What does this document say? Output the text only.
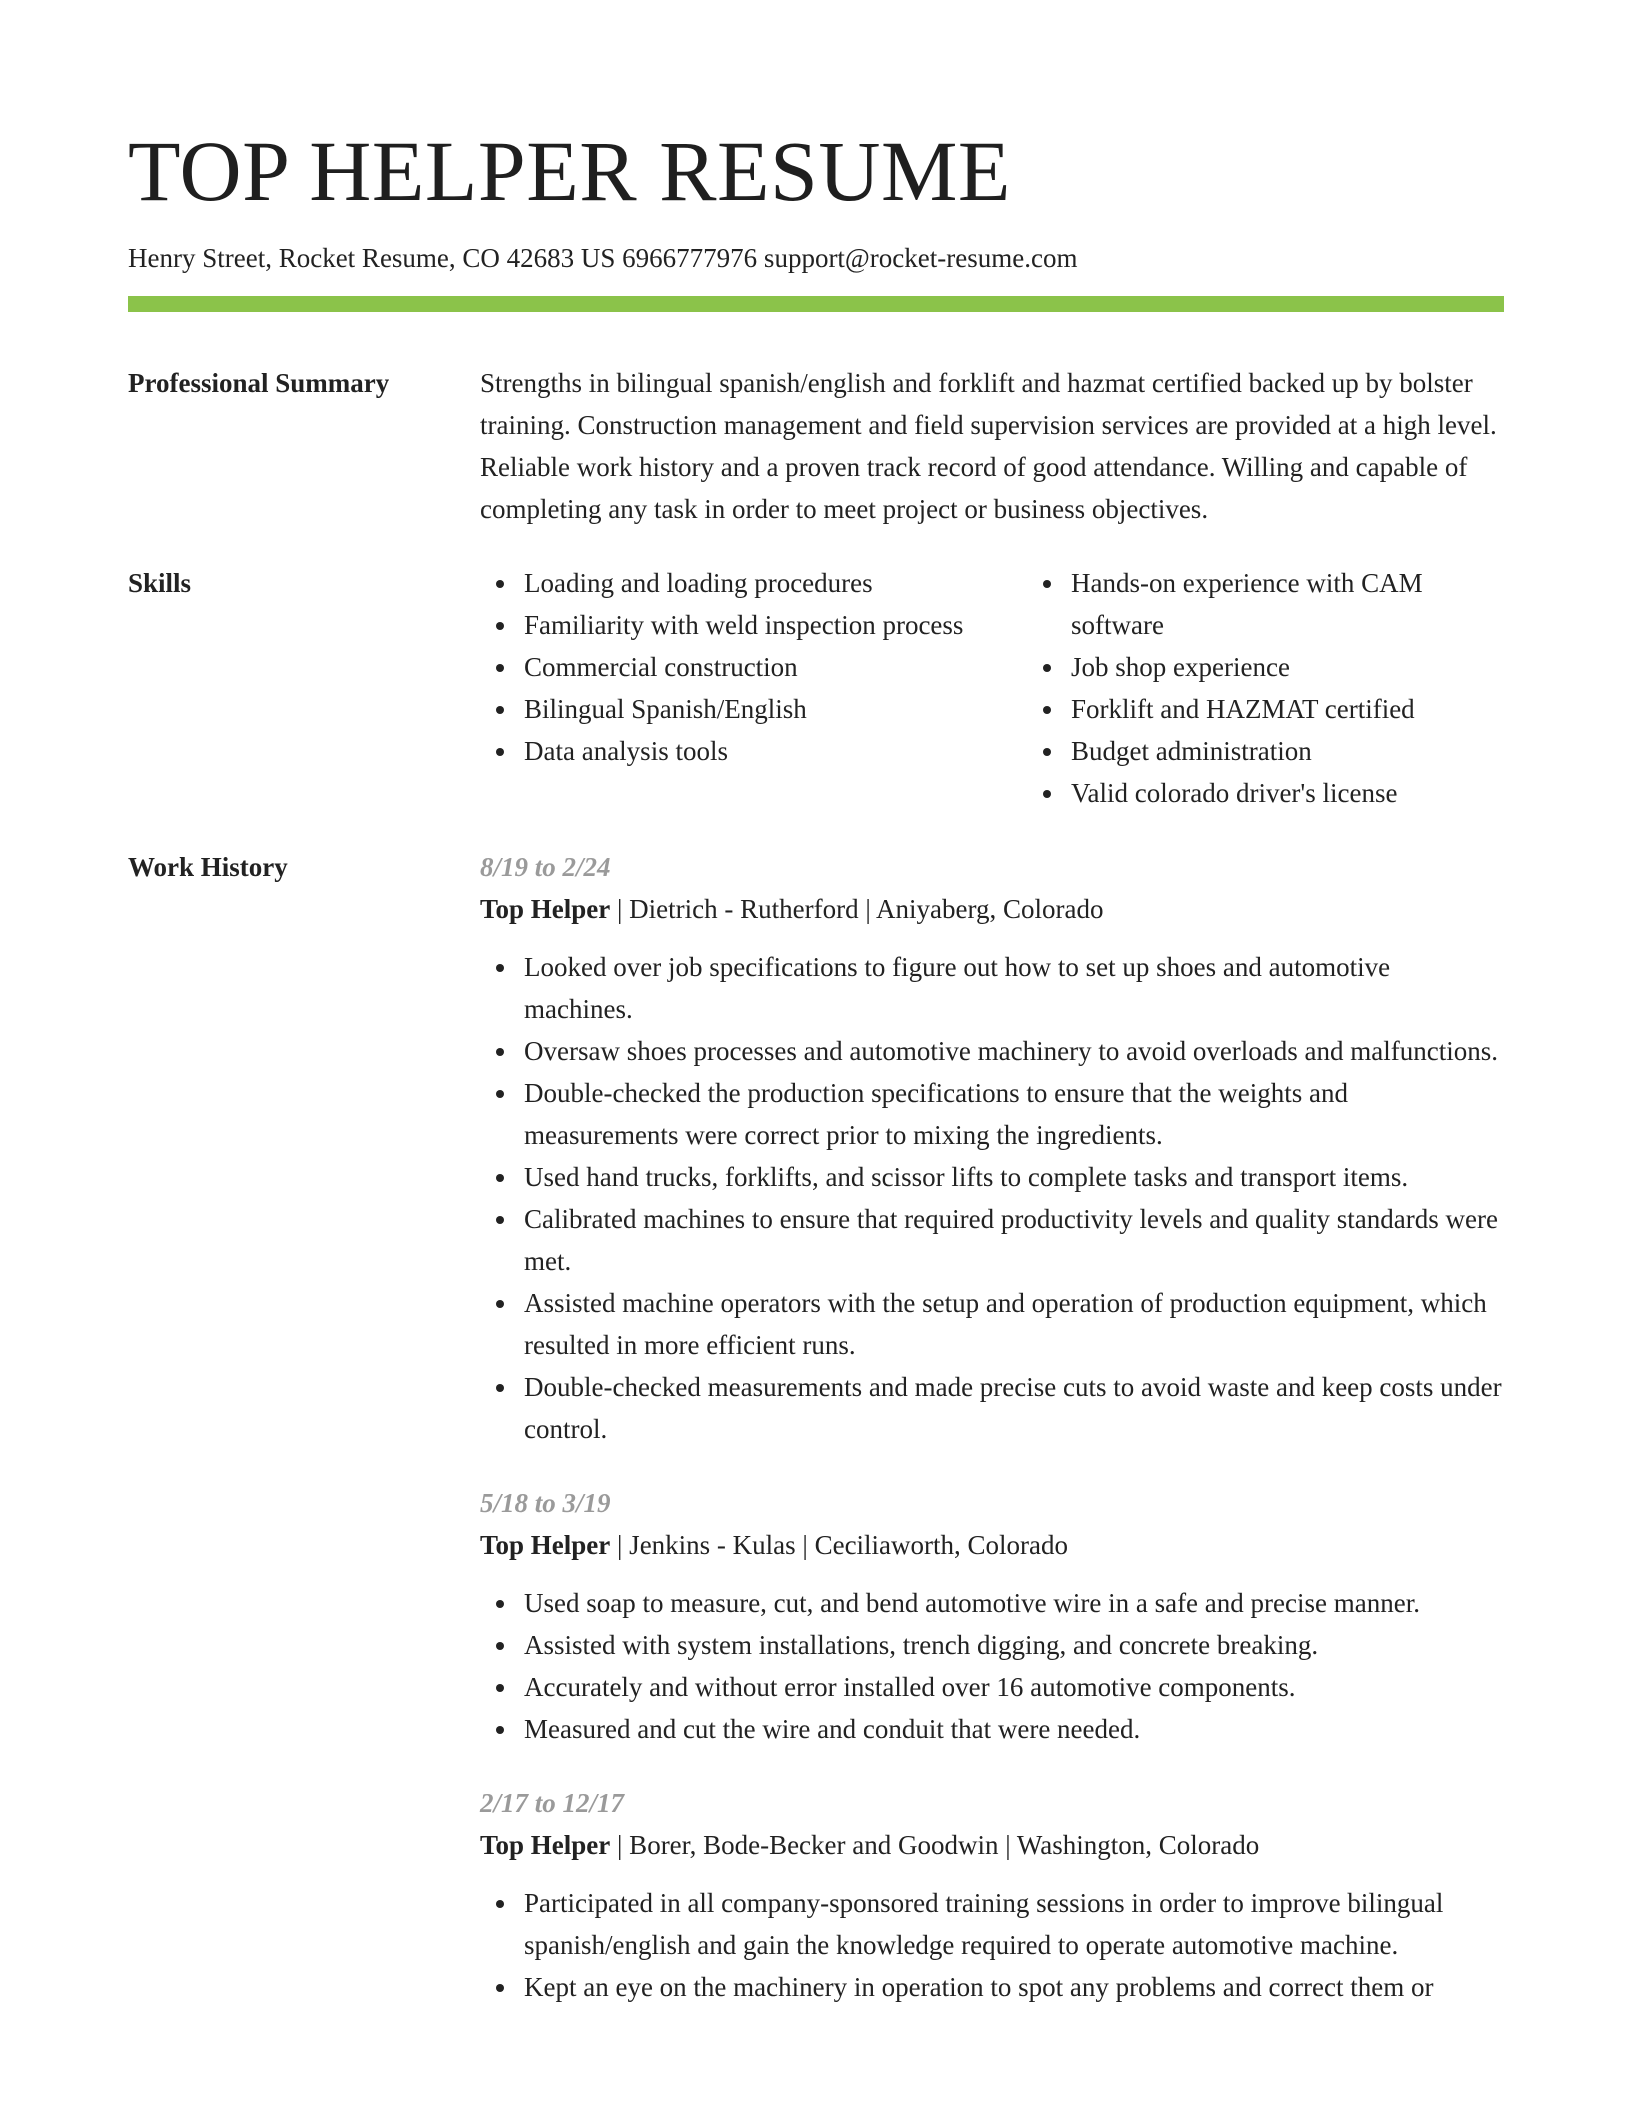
TOP HELPER RESUME
Henry Street, Rocket Resume, CO 42683 US 6966777976 support@rocket-resume.com
Professional Summary	Strengths in bilingual spanish/english and forklift and hazmat certified backed up by bolster training. Construction management and field supervision services are provided at a high level. Reliable work history and a proven track record of good attendance. Willing and capable of completing any task in order to meet project or business objectives.
Skills	Loading and loading procedures
Familiarity with weld inspection process
Commercial construction
Bilingual Spanish/English
Data analysis tools
Hands-on experience with CAM software
Job shop experience
Forklift and HAZMAT certified
Budget administration
Valid colorado driver's license
Work History	8/19 to 2/24
Top Helper | Dietrich - Rutherford | Aniyaberg, Colorado
Looked over job specifications to figure out how to set up shoes and automotive machines.
Oversaw shoes processes and automotive machinery to avoid overloads and malfunctions.
Double-checked the production specifications to ensure that the weights and measurements were correct prior to mixing the ingredients.
Used hand trucks, forklifts, and scissor lifts to complete tasks and transport items.
Calibrated machines to ensure that required productivity levels and quality standards were met.
Assisted machine operators with the setup and operation of production equipment, which resulted in more efficient runs.
Double-checked measurements and made precise cuts to avoid waste and keep costs under control.
5/18 to 3/19
Top Helper | Jenkins - Kulas | Ceciliaworth, Colorado
Used soap to measure, cut, and bend automotive wire in a safe and precise manner.
Assisted with system installations, trench digging, and concrete breaking.
Accurately and without error installed over 16 automotive components.
Measured and cut the wire and conduit that were needed.
2/17 to 12/17
Top Helper | Borer, Bode-Becker and Goodwin | Washington, Colorado
Participated in all company-sponsored training sessions in order to improve bilingual spanish/english and gain the knowledge required to operate automotive machine.
Kept an eye on the machinery in operation to spot any problems and correct them or
